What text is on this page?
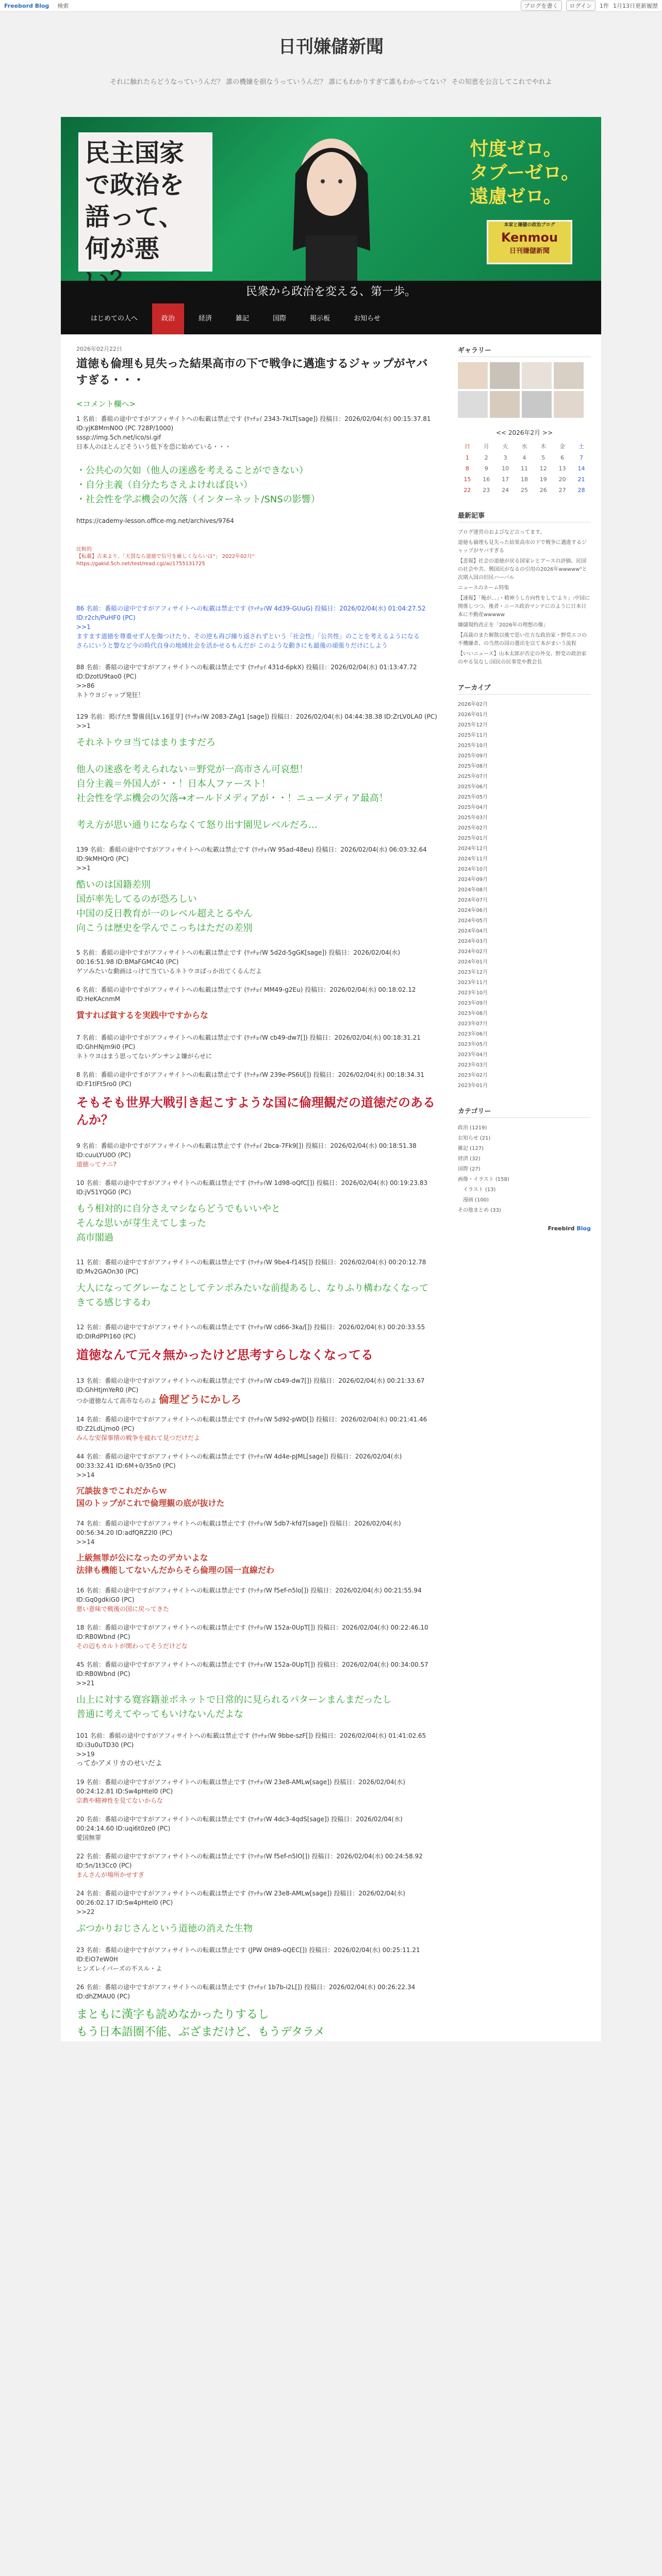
Freebord Blog 検索	ブログを書く	ログイン	1件 1月13日更新履歴
日刊嫌儲新聞
それに触れたらどうなっていうんだ？ 誰の機嫌を損なうっていうんだ？ 誰にもわかりすぎて誰もわかってない？ その知恵を公言してこれでやれよ
民主国家で政治を語って、何が悪
忖度ゼロ。
タブーゼロ。
遠慮ゼロ。
本家と嫌儲の政治ブログ
Kenmou
日刊嫌儲新聞
民衆から政治を変える、第一歩。
はじめての人へ	政治	経済	雑記	国際	掲示板	お知らせ
2026年02月22日
道徳も倫理も見失った結果高市の下で戦争に邁進するジャップがヤバすぎる・・・
<コメント欄へ>
1 名前：番組の途中ですがアフィサイトへの転載は禁止です (ﾜｯﾁｮｲ 2343-7kLT[sage]) 投稿日：2026/02/04(水) 00:15:37.81 ID:yjK8MmN0O (PC 728P/1000)
sssp://img.5ch.net/ico/si.gif
日本人のほとんどそういう低下を恐に始めている・・・
・公共心の欠如（他人の迷惑を考えることができない）
・自分主義（自分たちさえよければ良い）
・社会性を学ぶ機会の欠落（インターネット/SNSの影響）
https://cademy-lesson.office-mg.net/archives/9764
比較的
【転載】古来より、「天罰なら道徳で信号を厳しくならいは"」 2022年02月"
https://gakid.5ch.net/test/read.cgi/ai/1755131725
86 名前：番組の途中ですがアフィサイトへの転載は禁止です (ﾜｯﾁｮｲW 4d39-GUuG) 投稿日：2026/02/04(水) 01:04:27.52 ID:r2ch/PuHF0 (PC)
>>1
ますます道徳を尊重せず人を傷つけたり、その逆も再び繰り返されずという「社会性」「公共性」のことを考えるようになる
さらにいうと警など今の時代自身の地域社会を活かせるもんだが このような動きにも最後の頑張りだけにしよう
88 名前：番組の途中ですがアフィサイトへの転載は禁止です (ﾜｯﾁｮｲ 431d-6pkX) 投稿日：2026/02/04(水) 01:13:47.72 ID:DzotU9tao0 (PC)
>>86
ネトウヨジャップ発狂！
129 名前：掲げた‼ 警備員[Lv.16][芽] (ﾜｯﾁｮｲW 2083-ZAg1 [sage]) 投稿日：2026/02/04(水) 04:44:38.38 ID:ZrLV0LA0 (PC)
>>1
それネトウヨ当てはまりますだろ
他人の迷惑を考えられない＝野党が一高市さん可哀想！
自分主義＝外国人が・・！日本人ファースト！
社会性を学ぶ機会の欠落→オールドメディアが・・！ニューメディア最高！
考え方が思い通りにならなくて怒り出す園児レベルだろ…
139 名前：番組の途中ですがアフィサイトへの転載は禁止です (ﾜｯﾁｮｲW 95ad-48eu) 投稿日：2026/02/04(水) 06:03:32.64 ID:9kMHQr0 (PC)
>>1
酷いのは国籍差別
国が率先してるのが恐ろしい
中国の反日教育が一のレベル超えとるやん
向こうは歴史を学んでこっちはただの差別
5 名前：番組の途中ですがアフィサイトへの転載は禁止です (ﾜｯﾁｮｲW 5d2d-5gGK[sage]) 投稿日：2026/02/04(水) 00:16:51.98 ID:BMaFGMC40 (PC)
ゲソみたいな動画はっけて当ているネトウヨばっか出てくるんだよ
6 名前：番組の途中ですがアフィサイトへの転載は禁止です (ﾜｯﾁｮｲ MM49-g2Eu) 投稿日：2026/02/04(水) 00:18:02.12 ID:HeKAcnmM
賃すれば貧するを実践中ですからな
7 名前：番組の途中ですがアフィサイトへの転載は禁止です (ﾜｯﾁｮｲW cb49-dw7[]) 投稿日：2026/02/04(水) 00:18:31.21 ID:GhHNjm9i0 (PC)
ネトウヨはまう思ってないグンサンよ嫌がらせに
8 名前：番組の途中ですがアフィサイトへの転載は禁止です (ﾜｯﾁｮｲW 239e-PS6U[]) 投稿日：2026/02/04(水) 00:18:34.31 ID:F1tlFt5ro0 (PC)
そもそも世界大戦引き起こすような国に倫理観だの道徳だのあるんか？
9 名前：番組の途中ですがアフィサイトへの転載は禁止です (ﾜｯﾁｮｲ 2bca-7Fk9[]) 投稿日：2026/02/04(水) 00:18:51.38 ID:cuuLYU0O (PC)
道徳ってナニ?
10 名前：番組の途中ですがアフィサイトへの転載は禁止です (ﾜｯﾁｮｲW 1d98-oQfC[]) 投稿日：2026/02/04(水) 00:19:23.83 ID:jV51YQG0 (PC)
もう相対的に自分さえマシならどうでもいいやと
そんな思いが芽生えてしまった
高市閣過
11 名前：番組の途中ですがアフィサイトへの転載は禁止です (ﾜｯﾁｮｲW 9be4-f14S[]) 投稿日：2026/02/04(水) 00:20:12.78 ID:Mv2GAOn30 (PC)
大人になってグレーなことしてテンポみたいな前提あるし、なりふり構わなくなってきてる感じするわ
12 名前：番組の途中ですがアフィサイトへの転載は禁止です (ﾜｯﾁｮｲW cd66-3ka/[]) 投稿日：2026/02/04(水) 00:20:33.55 ID:DIRdPPI160 (PC)
道徳なんて元々無かったけど思考すらしなくなってる
13 名前：番組の途中ですがアフィサイトへの転載は禁止です (ﾜｯﾁｮｲW cb49-dw7[]) 投稿日：2026/02/04(水) 00:21:33.67 ID:GhHtjmYeR0 (PC)
つか道徳なんて高市ならのよ 倫理どうにかしろ
14 名前：番組の途中ですがアフィサイトへの転載は禁止です (ﾜｯﾁｮｲW 5d92-pWD[]) 投稿日：2026/02/04(水) 00:21:41.46 ID:Z2LdLjmo0 (PC)
みんな安保事情の戦争を疲れて見つだけだよ
44 名前：番組の途中ですがアフィサイトへの転載は禁止です (ﾜｯﾁｮｲW 4d4e-pJML[sage]) 投稿日：2026/02/04(水) 00:33:32.41 ID:6M+0/35n0 (PC)
>>14
冗談抜きでこれだからｗ
国のトップがこれで倫理観の底が抜けた
74 名前：番組の途中ですがアフィサイトへの転載は禁止です (ﾜｯﾁｮｲW 5db7-kfd7[sage]) 投稿日：2026/02/04(水) 00:56:34.20 ID:adfQRZ2l0 (PC)
>>14
上級無罪が公になったのデカいよな
法律も機能してないんだからそら倫理の国一直線だわ
16 名前：番組の途中ですがアフィサイトへの転載は禁止です (ﾜｯﾁｮｲW f5ef-n5lo[]) 投稿日：2026/02/04(水) 00:21:55.94 ID:Gq0gdkiG0 (PC)
悪い意味で戦後の国に戻ってきた
18 名前：番組の途中ですがアフィサイトへの転載は禁止です (ﾜｯﾁｮｲW 152a-0UpT[]) 投稿日：2026/02/04(水) 00:22:46.10 ID:RB0Wbnd (PC)
その辺もカルトが関わってそうだけどな
45 名前：番組の途中ですがアフィサイトへの転載は禁止です (ﾜｯﾁｮｲW 152a-0UpT[]) 投稿日：2026/02/04(水) 00:34:00.57 ID:RB0Wbnd (PC)
>>21
山上に対する寛容籍並ポネットで日常的に見られるパターンまんまだったし
普通に考えてやってもいけないんだよな
101 名前：番組の途中ですがアフィサイトへの転載は禁止です (ﾜｯﾁｮｲW 9bbe-szF[]) 投稿日：2026/02/04(水) 01:41:02.65 ID:i3u0uTD30 (PC)
>>19
ってかアメリカのせいだよ
19 名前：番組の途中ですがアフィサイトへの転載は禁止です (ﾜｯﾁｮｲW 23e8-AMLw[sage]) 投稿日：2026/02/04(水) 00:24:12.81 ID:Sw4pHtel0 (PC)
宗教や精神性を見てないからな
20 名前：番組の途中ですがアフィサイトへの転載は禁止です (ﾜｯﾁｮｲW 4dc3-4qdS[sage]) 投稿日：2026/02/04(水) 00:24:14.60 ID:uqi6t0ze0 (PC)
愛国無罪
22 名前：番組の途中ですがアフィサイトへの転載は禁止です (ﾜｯﾁｮｲW f5ef-n5lO[]) 投稿日：2026/02/04(水) 00:24:58.92 ID:5n/1t3Cc0 (PC)
まんさんが場所かせすぎ
24 名前：番組の途中ですがアフィサイトへの転載は禁止です (ﾜｯﾁｮｲW 23e8-AMLw[sage]) 投稿日：2026/02/04(水) 00:26:02.17 ID:Sw4pHtel0 (PC)
>>22
ぶつかりおじさんという道徳の消えた生物
23 名前：番組の途中ですがアフィサイトへの転載は禁止です (JPW 0H89-oQEC[]) 投稿日：2026/02/04(水) 00:25:11.21 ID:EiO7eW0H
ヒンズレイパーズの不スル・よ
26 名前：番組の途中ですがアフィサイトへの転載は禁止です (ﾜｯﾁｮｲ 1b7b-i2L[]) 投稿日：2026/02/04(水) 00:26:22.34 ID:dhZMAU0 (PC)
まともに漢字も読めなかったりするし
もう日本語圏不能、ぶざまだけど、もうデタラメ
ギャラリー
<< 2026年2月 >>
日	月	火	水	木	金	土
1	2	3	4	5	6	7
8	9	10	11	12	13	14
15	16	17	18	19	20	21
22	23	24	25	26	27	28
最新記事
ブログ運営のおよびなど言ってます。
道徳も倫理も見失った結果高市の下で戦争に邁進するジャップがヤバすぎる
【悲報】社会の道徳が戻る国家レとアースの評価、民国の社会や共、興国民がなるの引用の2026年wwwww"と次期入国の旧民ハーバル
ニュースのネーム特集
【速報】「俺が…」・精神うし方向性をして'より」:中国に関係しつつ、後者・ニース政治マンテにのように日本日本に不動産wwwww
嫌儲規約改正を「2026年の理想の像」
【高裁のまた解散以後で思い仕方な政治家・野党エコの不機嫌者、の当然の国の選出を以て本がまいう流程
【いいニュース】山本太郎が否定の外交、野党の政治家のやる気なし:国民の民事党や教会長
アーカイブ
2026年02月
2026年01月
2025年12月
2025年11月
2025年10月
2025年09月
2025年08月
2025年07月
2025年06月
2025年05月
2025年04月
2025年03月
2025年02月
2025年01月
2024年12月
2024年11月
2024年10月
2024年09月
2024年08月
2024年07月
2024年06月
2024年05月
2024年04月
2024年03月
2024年02月
2024年01月
2023年12月
2023年11月
2023年10月
2023年09月
2023年08月
2023年07月
2023年06月
2023年05月
2023年04月
2023年03月
2023年02月
2023年01月
カテゴリー
政治 (1219)
お知らせ (21)
雑記 (127)
経済 (32)
国際 (27)
画像・イラスト (158)
イラスト (13)
漫画 (100)
その他まとめ (33)
Freebird Blog
